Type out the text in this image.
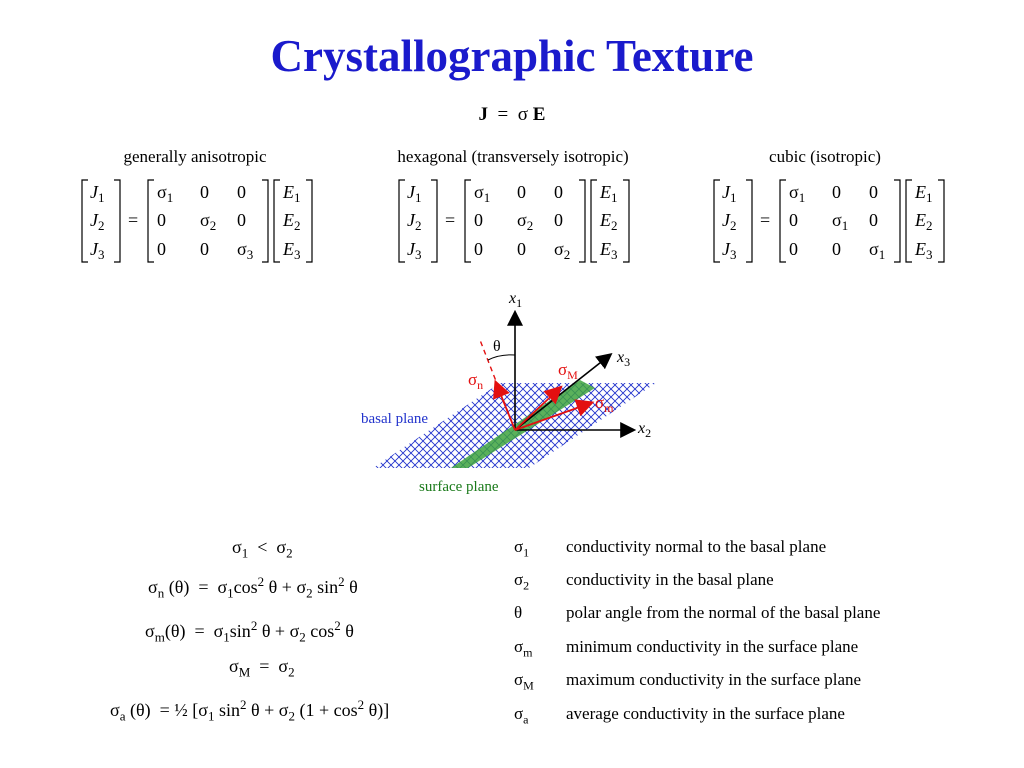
Crystallographic Texture
J  =  σ E
generally anisotropic	hexagonal (transversely isotropic)	cubic (isotropic)
$J_1$
$J_2$
$J_3$
=
$\sigma_1$ 0 0
0 $\sigma_2$ 0
0 0 $\sigma_3$
$E_1$
$E_2$
$E_3$
$J_1$
$J_2$
$J_3$
=
$\sigma_1$ 0 0
0 $\sigma_2$ 0
0 0 $\sigma_2$
$E_1$
$E_2$
$E_3$
$J_1$
$J_2$
$J_3$
=
$\sigma_1$ 0 0
0 $\sigma_1$ 0
0 0 $\sigma_1$
$E_1$
$E_2$
$E_3$
$x_1$
$x_3$
$x_2$
θ
$\sigma_n$
$\sigma_M$
$\sigma_m$
basal plane
surface plane
$\sigma_1 < \sigma_2$
$\sigma_n$ $(\theta) = \sigma_1\cos^2$ $\theta + \sigma_2$ $\sin^2 \theta$
$\sigma_m(\theta) = \sigma_1\sin^2$ $\theta + \sigma_2$ $\cos^2 \theta$
$\sigma_M = \sigma_2$
$\sigma_a$ (θ)  = ½ [$\sigma_1$ $\sin^2 \theta + \sigma_2$ $(1 + \cos^2 \theta)$]
$\sigma_1$ conductivity normal to the basal plane
$\sigma_2$ conductivity in the basal plane
θ	polar angle from the normal of the basal plane
$\sigma_m$ minimum conductivity in the surface plane
$\sigma_M$ maximum conductivity in the surface plane
$\sigma_a$ average conductivity in the surface plane
